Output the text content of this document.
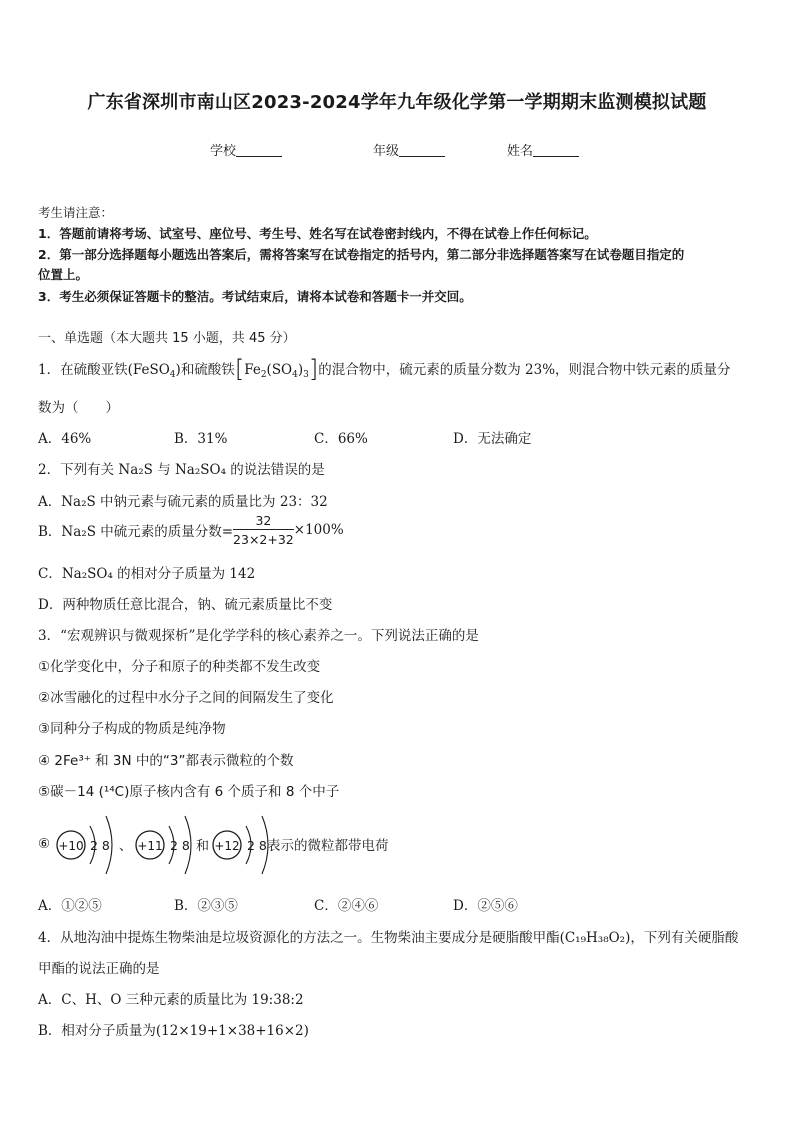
广东省深圳市南山区2023-2024学年九年级化学第一学期期末监测模拟试题
学校	年级	姓名
考生请注意：
1．答题前请将考场、试室号、座位号、考生号、姓名写在试卷密封线内，不得在试卷上作任何标记。
2．第一部分选择题每小题选出答案后，需将答案写在试卷指定的括号内，第二部分非选择题答案写在试卷题目指定的
位置上。
3．考生必须保证答题卡的整洁。考试结束后，请将本试卷和答题卡一并交回。
一、单选题（本大题共 15 小题，共 45 分）
1．在硫酸亚铁(FeSO$_4$)和硫酸铁$[Fe_2(SO_4)_3]$的混合物中，硫元素的质量分数为 23%，则混合物中铁元素的质量分
数为（　　）
A．46%	B．31%	C．66%	D．无法确定
2．下列有关 Na₂S 与 Na₂SO₄ 的说法错误的是
A．Na₂S 中钠元素与硫元素的质量比为 23：32
B．Na₂S 中硫元素的质量分数= $\frac{32}{23\times 2+32} \times 100\%$
C．Na₂SO₄ 的相对分子质量为 142
D．两种物质任意比混合，钠、硫元素质量比不变
3．“宏观辨识与微观探析”是化学学科的核心素养之一。下列说法正确的是
①化学变化中，分子和原子的种类都不发生改变
②冰雪融化的过程中水分子之间的间隔发生了变化
③同种分子构成的物质是纯净物
④ 2Fe³⁺ 和 3N 中的“3”都表示微粒的个数
⑤碳－14 (¹⁴C)原子核内含有 6 个质子和 8 个中子
⑥ +10 2 8 、 +11 2 8 和 +12 2 8 表示的微粒都带电荷
A．①②⑤	B．②③⑤	C．②④⑥	D．②⑤⑥
4．从地沟油中提炼生物柴油是垃圾资源化的方法之一。生物柴油主要成分是硬脂酸甲酯(C₁₉H₃₈O₂)，下列有关硬脂酸
甲酯的说法正确的是
A．C、H、O 三种元素的质量比为 19:38:2
B．相对分子质量为(12×19+1×38+16×2)
